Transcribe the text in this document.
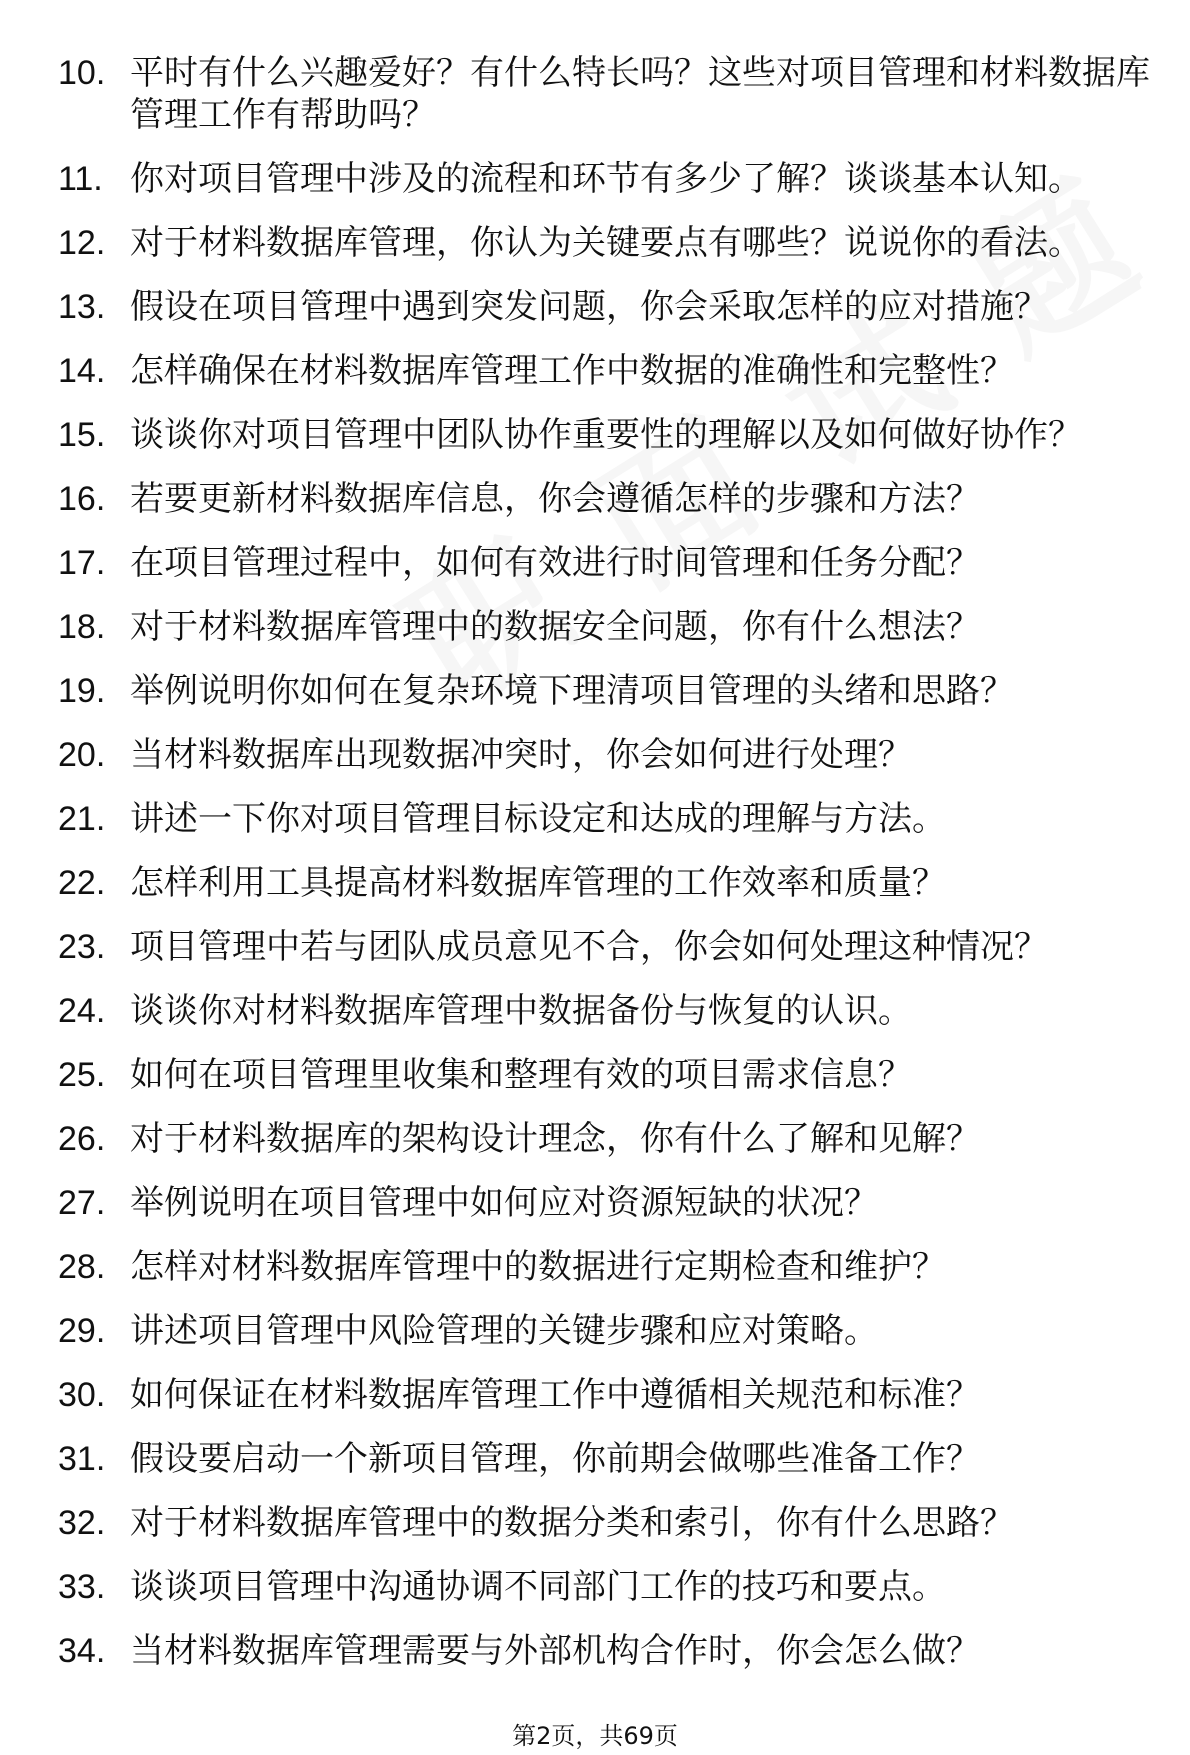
10. 平时有什么兴趣爱好？有什么特长吗？这些对项目管理和材料数据库管理工作有帮助吗？
11. 你对项目管理中涉及的流程和环节有多少了解？谈谈基本认知。
12. 对于材料数据库管理，你认为关键要点有哪些？说说你的看法。
13. 假设在项目管理中遇到突发问题，你会采取怎样的应对措施？
14. 怎样确保在材料数据库管理工作中数据的准确性和完整性？
15. 谈谈你对项目管理中团队协作重要性的理解以及如何做好协作？
16. 若要更新材料数据库信息，你会遵循怎样的步骤和方法？
17. 在项目管理过程中，如何有效进行时间管理和任务分配？
18. 对于材料数据库管理中的数据安全问题，你有什么想法？
19. 举例说明你如何在复杂环境下理清项目管理的头绪和思路？
20. 当材料数据库出现数据冲突时，你会如何进行处理？
21. 讲述一下你对项目管理目标设定和达成的理解与方法。
22. 怎样利用工具提高材料数据库管理的工作效率和质量？
23. 项目管理中若与团队成员意见不合，你会如何处理这种情况？
24. 谈谈你对材料数据库管理中数据备份与恢复的认识。
25. 如何在项目管理里收集和整理有效的项目需求信息？
26. 对于材料数据库的架构设计理念，你有什么了解和见解？
27. 举例说明在项目管理中如何应对资源短缺的状况？
28. 怎样对材料数据库管理中的数据进行定期检查和维护？
29. 讲述项目管理中风险管理的关键步骤和应对策略。
30. 如何保证在材料数据库管理工作中遵循相关规范和标准？
31. 假设要启动一个新项目管理，你前期会做哪些准备工作？
32. 对于材料数据库管理中的数据分类和索引，你有什么思路？
33. 谈谈项目管理中沟通协调不同部门工作的技巧和要点。
34. 当材料数据库管理需要与外部机构合作时，你会怎么做？
第2页，共69页
